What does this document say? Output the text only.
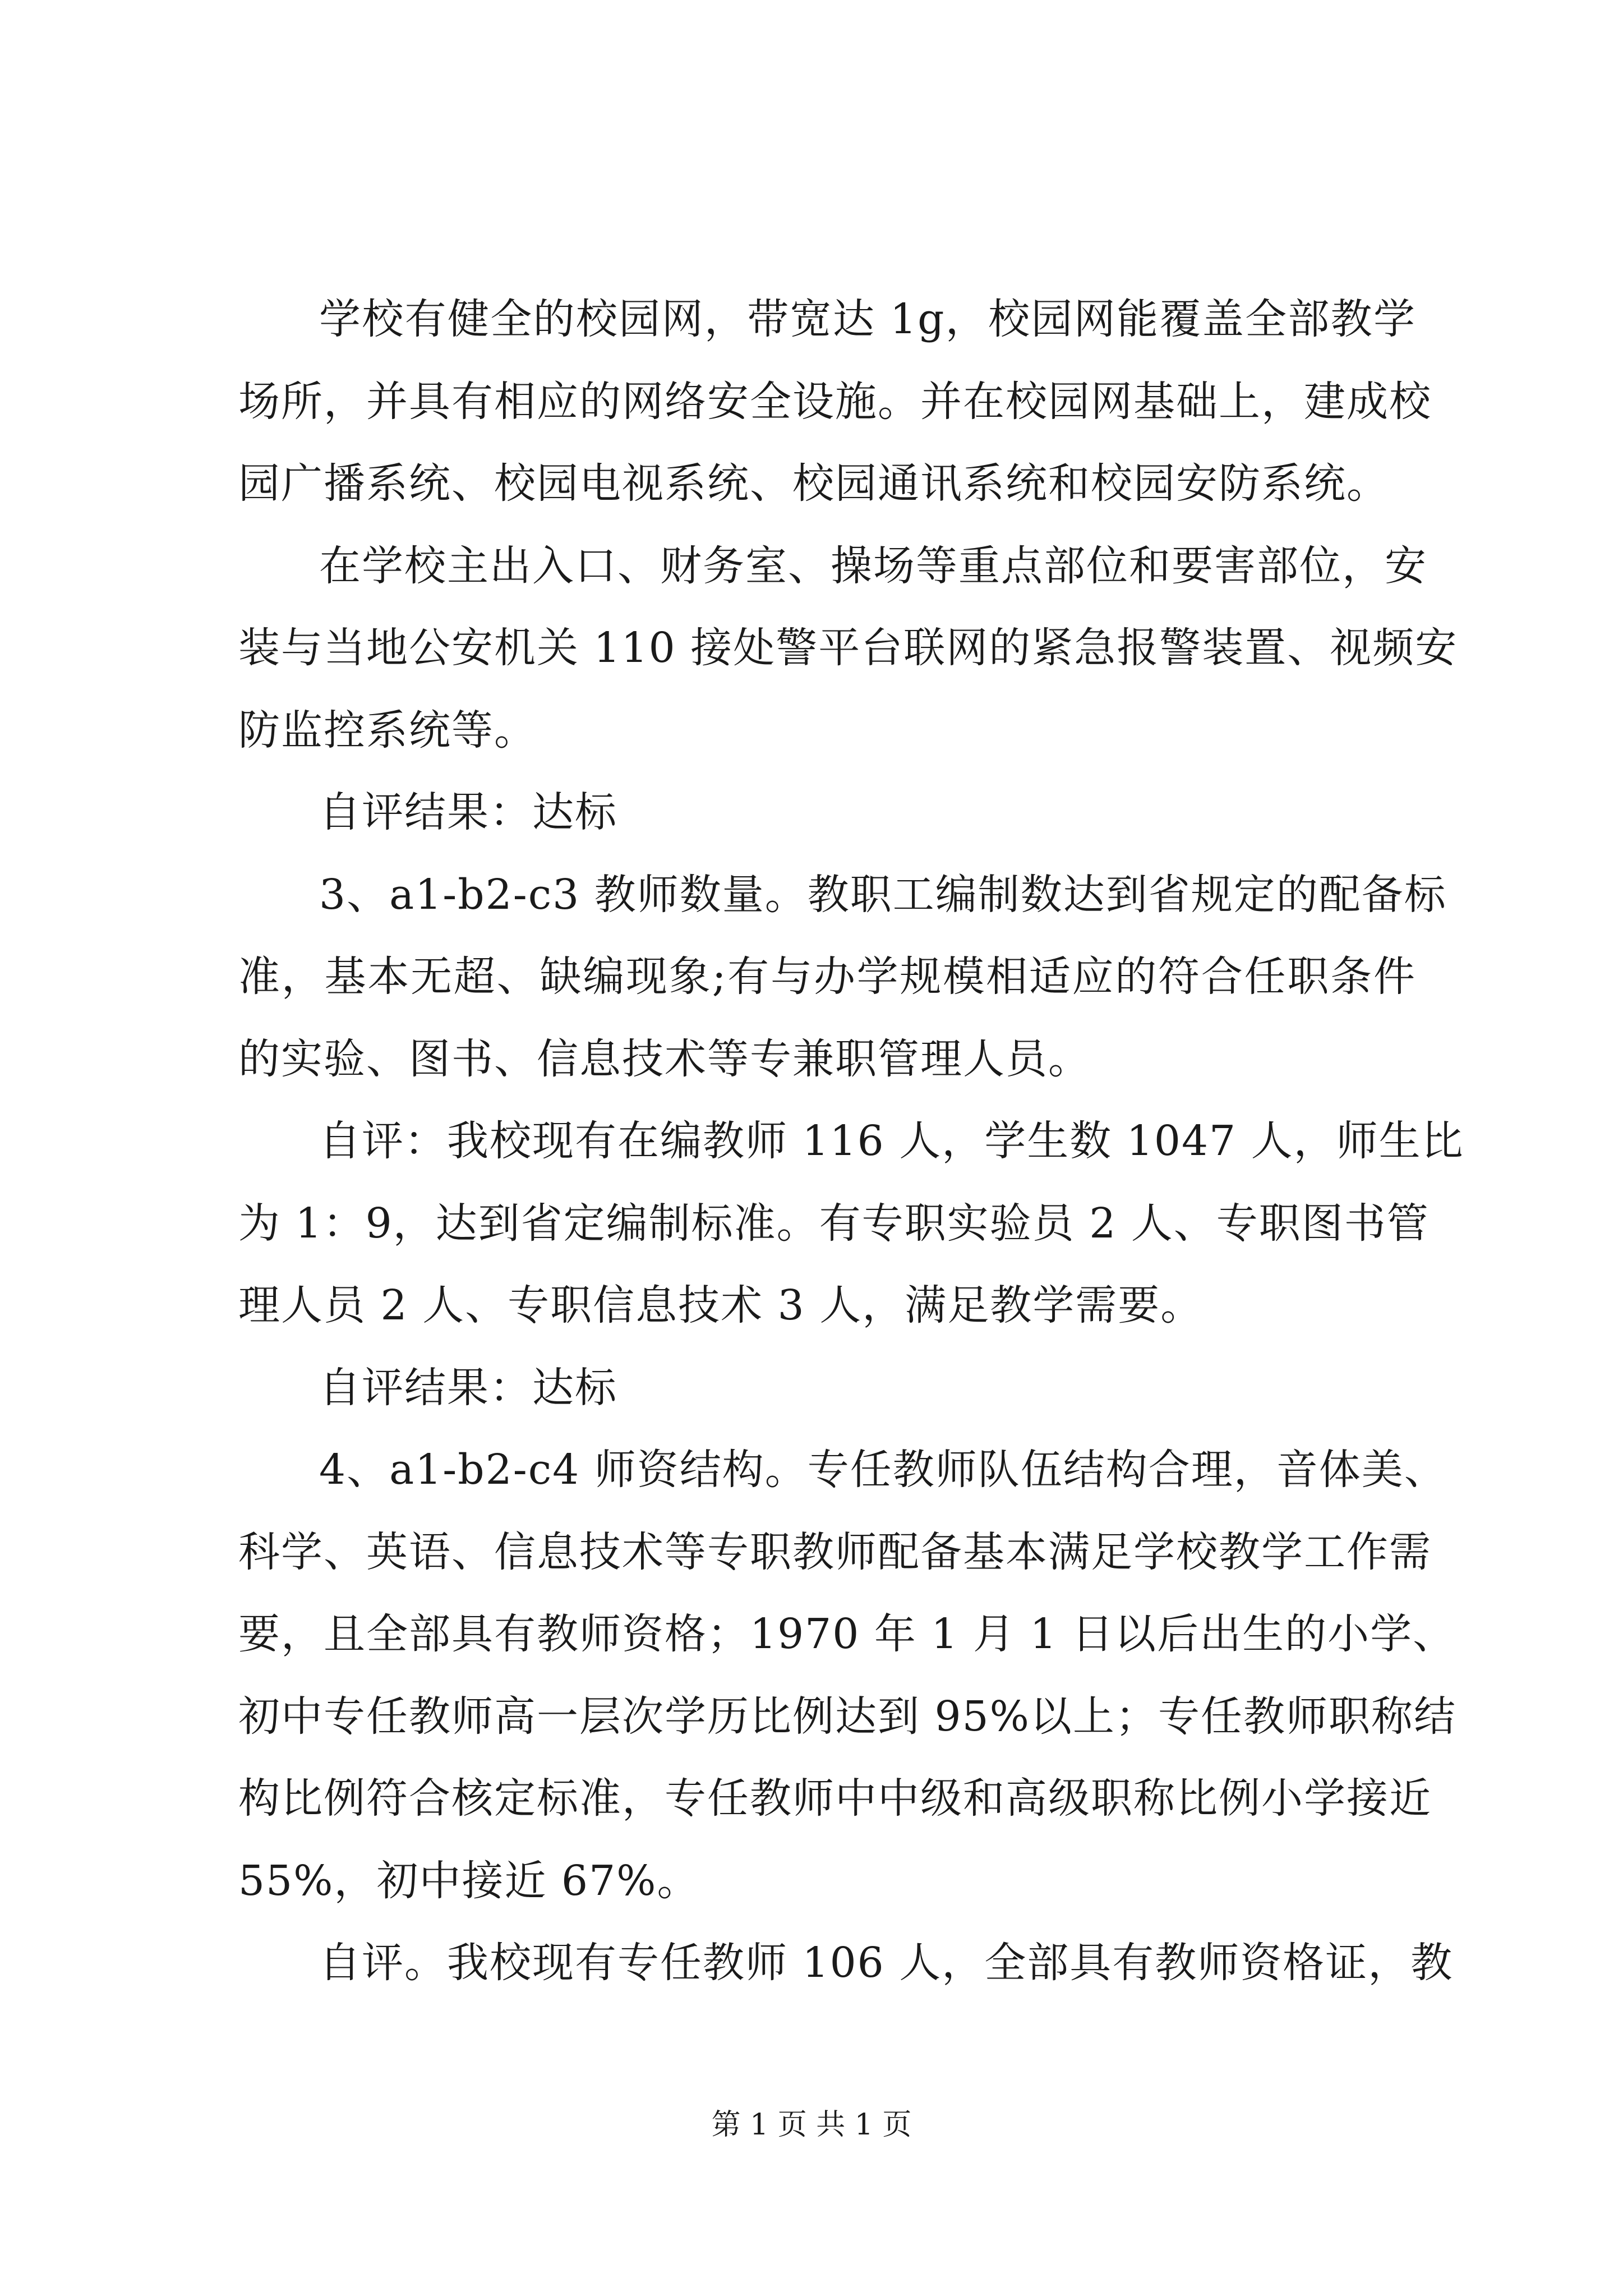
学校有健全的校园网，带宽达 1g，校园网能覆盖全部教学
场所，并具有相应的网络安全设施。并在校园网基础上，建成校
园广播系统、校园电视系统、校园通讯系统和校园安防系统。
在学校主出入口、财务室、操场等重点部位和要害部位，安
装与当地公安机关 110 接处警平台联网的紧急报警装置、视频安
防监控系统等。
自评结果：达标
3、a1-b2-c3 教师数量。教职工编制数达到省规定的配备标
准，基本无超、缺编现象;有与办学规模相适应的符合任职条件
的实验、图书、信息技术等专兼职管理人员。
自评：我校现有在编教师 116 人，学生数 1047 人，师生比
为 1：9，达到省定编制标准。有专职实验员 2 人、专职图书管
理人员 2 人、专职信息技术 3 人，满足教学需要。
自评结果：达标
4、a1-b2-c4 师资结构。专任教师队伍结构合理，音体美、
科学、英语、信息技术等专职教师配备基本满足学校教学工作需
要，且全部具有教师资格；1970 年 1 月 1 日以后出生的小学、
初中专任教师高一层次学历比例达到 95%以上；专任教师职称结
构比例符合核定标准，专任教师中中级和高级职称比例小学接近
55%，初中接近 67%。
自评。我校现有专任教师 106 人，全部具有教师资格证，教
第 1 页 共 1 页
